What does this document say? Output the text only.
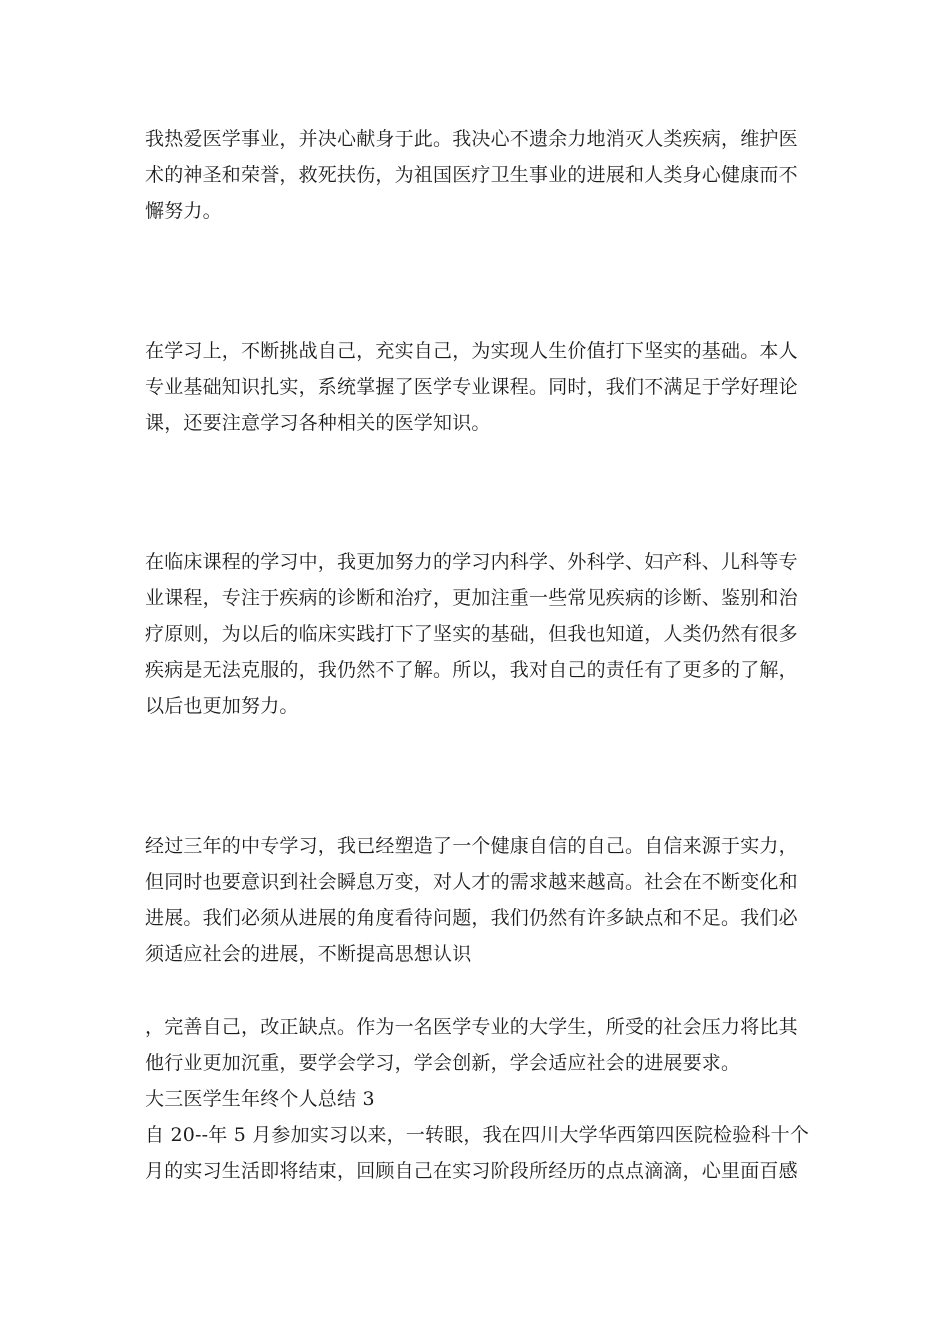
我热爱医学事业，并决心献身于此。我决心不遗余力地消灭人类疾病，维护医
术的神圣和荣誉，救死扶伤，为祖国医疗卫生事业的进展和人类身心健康而不
懈努力。
在学习上，不断挑战自己，充实自己，为实现人生价值打下坚实的基础。本人
专业基础知识扎实，系统掌握了医学专业课程。同时，我们不满足于学好理论
课，还要注意学习各种相关的医学知识。
在临床课程的学习中，我更加努力的学习内科学、外科学、妇产科、儿科等专
业课程，专注于疾病的诊断和治疗，更加注重一些常见疾病的诊断、鉴别和治
疗原则，为以后的临床实践打下了坚实的基础，但我也知道，人类仍然有很多
疾病是无法克服的，我仍然不了解。所以，我对自己的责任有了更多的了解，
以后也更加努力。
经过三年的中专学习，我已经塑造了一个健康自信的自己。自信来源于实力，
但同时也要意识到社会瞬息万变，对人才的需求越来越高。社会在不断变化和
进展。我们必须从进展的角度看待问题，我们仍然有许多缺点和不足。我们必
须适应社会的进展，不断提高思想认识
，完善自己，改正缺点。作为一名医学专业的大学生，所受的社会压力将比其
他行业更加沉重，要学会学习，学会创新，学会适应社会的进展要求。
大三医学生年终个人总结 3
自 20--年 5 月参加实习以来，一转眼，我在四川大学华西第四医院检验科十个
月的实习生活即将结束，回顾自己在实习阶段所经历的点点滴滴，心里面百感
